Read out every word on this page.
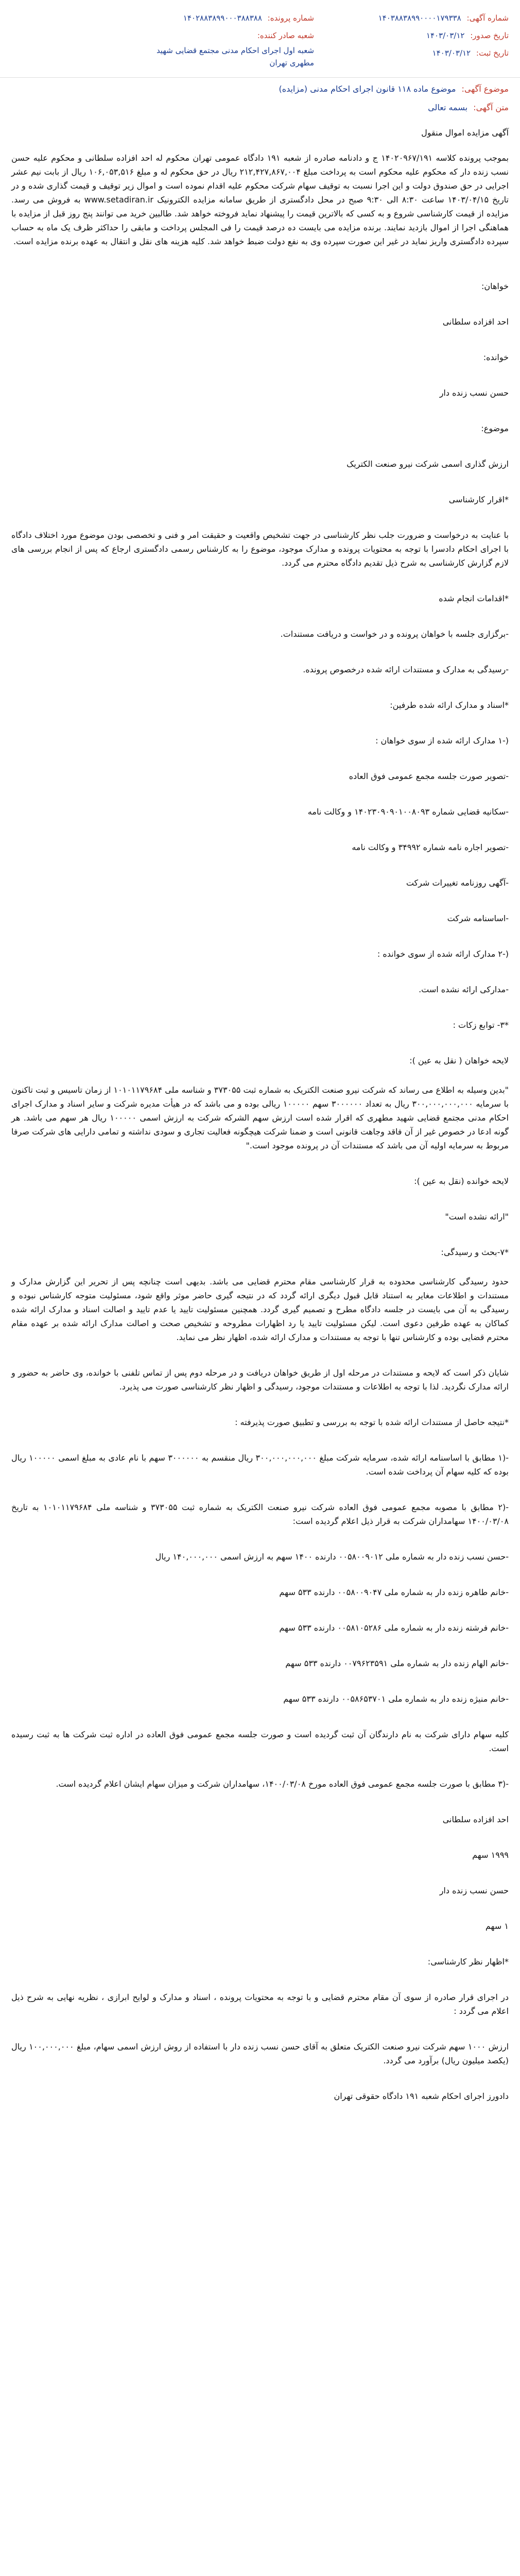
شماره آگهی: ۱۴۰۳۸۸۳۸۹۹۰۰۰۰۱۷۹۳۳۸
تاریخ صدور: ۱۴۰۳/۰۳/۱۲
تاریخ ثبت: ۱۴۰۳/۰۳/۱۲
شماره پرونده: ۱۴۰۲۸۸۳۸۹۹۰۰۰۳۸۸۳۸۸
شعبه صادر کننده:
شعبه اول اجرای احکام مدنی مجتمع قضایی شهید مطهری تهران
موضوع آگهی: موضوع ماده ۱۱۸ قانون اجرای احکام مدنی (مزایده)
متن آگهی: بسمه تعالی
آگهی مزایده اموال منقول
بموجب پرونده کلاسه ۱۴۰۲۰۹۶۷/۱۹۱ ج و دادنامه صادره از شعبه ۱۹۱ دادگاه عمومی تهران محکوم له احد افزاده سلطانی و محکوم علیه حسن نسب زنده دار که محکوم علیه محکوم است به پرداخت مبلغ ۲۱۲,۴۲۷,۸۶۷,۰۰۴ ریال در حق محکوم له و مبلغ ۱۰۶,۰۵۳,۵۱۶ ریال از بابت نیم عشر اجرایی در حق صندوق دولت و این اجرا نسبت به توقیف سهام شرکت محکوم علیه اقدام نموده است و اموال زیر توقیف و قیمت گذاری شده و در تاریخ ۱۴۰۳/۰۴/۱۵ ساعت ۸:۳۰ الی ۹:۳۰ صبح در محل دادگستری از طریق سامانه مزایده الکترونیک www.setadiran.ir به فروش می رسد. مزایده از قیمت کارشناسی شروع و به کسی که بالاترین قیمت را پیشنهاد نماید فروخته خواهد شد. طالبین خرید می توانند پنج روز قبل از مزایده با هماهنگی اجرا از اموال بازدید نمایند. برنده مزایده می بایست ده درصد قیمت را فی المجلس پرداخت و مابقی را حداکثر ظرف یک ماه به حساب سپرده دادگستری واریز نماید در غیر این صورت سپرده وی به نفع دولت ضبط خواهد شد. کلیه هزینه های نقل و انتقال به عهده برنده مزایده است.
خواهان:
احد افزاده سلطانی
خوانده:
حسن نسب زنده دار
موضوع:
ارزش گذاری اسمی شرکت نیرو صنعت الکتریک
*اقرار کارشناسی
با عنایت به درخواست و ضرورت جلب نظر کارشناسی در جهت تشخیص واقعیت و حقیقت امر و فنی و تخصصی بودن موضوع مورد اختلاف دادگاه با اجرای احکام دادسرا با توجه به محتویات پرونده و مدارک موجود، موضوع را به کارشناس رسمی دادگستری ارجاع که پس از انجام بررسی های لازم گزارش کارشناسی به شرح ذیل تقدیم دادگاه محترم می گردد.
*اقدامات انجام شده
-برگزاری جلسه با خواهان پرونده و در خواست و دریافت مستندات.
-رسیدگی به مدارک و مستندات ارائه شده درخصوص پرونده.
*اسناد و مدارک ارائه شده طرفین:
(-۱ مدارک ارائه شده از سوی خواهان :
-تصویر صورت جلسه مجمع عمومی فوق العاده
-سکانیه قضایی شماره ۱۴۰۲۳۰۹۰۹۰۱۰۰۸۰۹۳ و وکالت نامه
-تصویر اجاره نامه شماره ۳۴۹۹۲ و وکالت نامه
-آگهی روزنامه تغییرات شرکت
-اساسنامه شرکت
(-۲ مدارک ارائه شده از سوی خوانده :
-مدارکی ارائه نشده است.
*۳- توابع زکات :
لایحه خواهان ( نقل به عین ):
"بدین وسیله به اطلاع می رساند که شرکت نیرو صنعت الکتریک به شماره ثبت ۳۷۳۰۵۵ و شناسه ملی ۱۰۱۰۱۱۷۹۶۸۴ از زمان تاسیس و ثبت تاکنون با سرمایه ۳۰۰,۰۰۰,۰۰۰,۰۰۰ ریال به تعداد ۳۰۰۰۰۰۰ سهم ۱۰۰۰۰۰ ریالی بوده و می باشد که در هیأت مدیره شرکت و سایر اسناد و مدارک اجرای احکام مدنی مجتمع قضایی شهید مطهری که اقرار شده است ارزش سهم الشرکه شرکت به ارزش اسمی ۱۰۰۰۰۰ ریال هر سهم می باشد. هر گونه ادعا در خصوص غیر از آن فاقد وجاهت قانونی است و ضمنا شرکت هیچگونه فعالیت تجاری و سودی نداشته و تمامی دارایی های شرکت صرفا مربوط به سرمایه اولیه آن می باشد که مستندات آن در پرونده موجود است."
لایحه خوانده (نقل به عین ):
"ارائه نشده است"
*۷-بحث و رسیدگی:
حدود رسیدگی کارشناسی محدوده به قرار کارشناسی مقام محترم قضایی می باشد. بدیهی است چنانچه پس از تحریر این گزارش مدارک و مستندات و اطلاعات مغایر به استناد قابل قبول دیگری ارائه گردد که در نتیجه گیری حاضر موثر واقع شود، مسئولیت متوجه کارشناس نبوده و رسیدگی به آن می بایست در جلسه دادگاه مطرح و تصمیم گیری گردد. همچنین مسئولیت تایید یا عدم تایید و اصالت اسناد و مدارک ارائه شده کماکان به عهده طرفین دعوی است. لیکن مسئولیت تایید یا رد اظهارات مطروحه و تشخیص صحت و اصالت مدارک ارائه شده بر عهده مقام محترم قضایی بوده و کارشناس تنها با توجه به مستندات و مدارک ارائه شده، اظهار نظر می نماید.
شایان ذکر است که لایحه و مستندات در مرحله اول از طریق خواهان دریافت و در مرحله دوم پس از تماس تلفنی با خوانده، وی حاضر به حضور و ارائه مدارک نگردید. لذا با توجه به اطلاعات و مستندات موجود، رسیدگی و اظهار نظر کارشناسی صورت می پذیرد.
*نتیجه حاصل از مستندات ارائه شده با توجه به بررسی و تطبیق صورت پذیرفته :
-(۱ مطابق با اساسنامه ارائه شده، سرمایه شرکت مبلغ ۳۰۰,۰۰۰,۰۰۰,۰۰۰ ریال منقسم به ۳۰۰۰۰۰۰ سهم با نام عادی به مبلغ اسمی ۱۰۰۰۰۰ ریال بوده که کلیه سهام آن پرداخت شده است.
-(۲ مطابق با مصوبه مجمع عمومی فوق العاده شرکت نیرو صنعت الکتریک به شماره ثبت ۳۷۳۰۵۵ و شناسه ملی ۱۰۱۰۱۱۷۹۶۸۴ به تاریخ ۱۴۰۰/۰۳/۰۸ سهامداران شرکت به قرار ذیل اعلام گردیده است:
-حسن نسب زنده دار به شماره ملی ۰۰۵۸۰۰۹۰۱۲ دارنده ۱۴۰۰ سهم به ارزش اسمی ۱۴۰,۰۰۰,۰۰۰ ریال
-خانم طاهره زنده دار به شماره ملی ۰۰۵۸۰۰۹۰۴۷ دارنده ۵۳۳ سهم
-خانم فرشته زنده دار به شماره ملی ۰۰۵۸۱۰۵۲۸۶ دارنده ۵۳۳ سهم
-خانم الهام زنده دار به شماره ملی ۰۰۷۹۶۲۳۵۹۱ دارنده ۵۳۳ سهم
-خانم منیژه زنده دار به شماره ملی ۰۰۵۸۶۵۳۷۰۱ دارنده ۵۳۳ سهم
کلیه سهام دارای شرکت به نام دارندگان آن ثبت گردیده است و صورت جلسه مجمع عمومی فوق العاده در اداره ثبت شرکت ها به ثبت رسیده است.
-(۳ مطابق با صورت جلسه مجمع عمومی فوق العاده مورخ ۱۴۰۰/۰۳/۰۸، سهامداران شرکت و میزان سهام ایشان اعلام گردیده است.
احد افزاده سلطانی
۱۹۹۹ سهم
حسن نسب زنده دار
۱ سهم
*اظهار نظر کارشناسی:
در اجرای قرار صادره از سوی آن مقام محترم قضایی و با توجه به محتویات پرونده ، اسناد و مدارک و لوایح ابرازی ، نظریه نهایی به شرح ذیل اعلام می گردد :
ارزش ۱۰۰۰ سهم شرکت نیرو صنعت الکتریک متعلق به آقای حسن نسب زنده دار با استفاده از روش ارزش اسمی سهام، مبلغ ۱۰۰,۰۰۰,۰۰۰ ریال (یکصد میلیون ریال) برآورد می گردد.
دادورز اجرای احکام شعبه ۱۹۱ دادگاه حقوقی تهران
